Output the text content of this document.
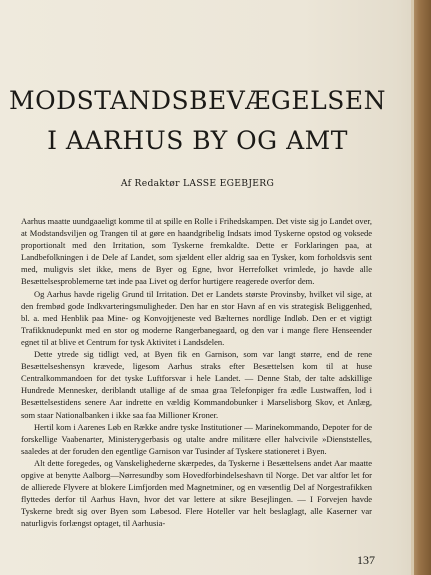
MODSTANDSBEVÆGELSEN
I AARHUS BY OG AMT
Af Redaktør LASSE EGEBJERG

Aarhus maatte uundgaaeligt komme til at spille en Rolle i Frihedskampen. Det viste sig jo Landet over, at Modstandsviljen og Trangen til at gøre en haandgribelig Indsats imod Tyskerne opstod og voksede proportionalt med den Irritation, som Tyskerne fremkaldte. Dette er Forklaringen paa, at Landbefolkningen i de Dele af Landet, som sjældent eller aldrig saa en Tysker, kom forholdsvis sent med, muligvis slet ikke, mens de Byer og Egne, hvor Herrefolket vrimlede, jo havde alle Besættelsesproblemerne tæt inde paa Livet og derfor hurtigere reagerede overfor dem.

Og Aarhus havde rigelig Grund til Irritation. Det er Landets største Provinsby, hvilket vil sige, at den frembød gode Indkvarteringsmuligheder. Den har en stor Havn af en vis strategisk Beliggenhed, bl. a. med Henblik paa Mine- og Konvojtjeneste ved Bælternes nordlige Indløb. Den er et vigtigt Trafikknudepunkt med en stor og moderne Rangerbanegaard, og den var i mange flere Henseender egnet til at blive et Centrum for tysk Aktivitet i Landsdelen.

Dette ytrede sig tidligt ved, at Byen fik en Garnison, som var langt større, end de rene Besættelseshensyn krævede, ligesom Aarhus straks efter Besættelsen kom til at huse Centralkommandoen for det tyske Luftforsvar i hele Landet. — Denne Stab, der talte adskillige Hundrede Mennesker, deriblandt utallige af de smaa graa Telefonpiger fra ædle Lustwaffen, lod i Besættelsestidens senere Aar indrette en vældig Kommandobunker i Marselisborg Skov, et Anlæg, som staar Nationalbanken i ikke saa faa Millioner Kroner.

Hertil kom i Aarenes Løb en Række andre tyske Institutioner — Marinekommando, Depoter for de forskellige Vaabenarter, Ministerygerbasis og utalte andre militære eller halvcivile »Dienststelles, saaledes at der foruden den egentlige Garnison var Tusinder af Tyskere stationeret i Byen.

Alt dette foregedes, og Vanskelighederne skærpedes, da Tyskerne i Besættelsens andet Aar maatte opgive at benytte Aalborg—Nørresundby som Hovedforbindelseshavn til Norge. Det var altfor let for de allierede Flyvere at blokere Limfjorden med Magnetminer, og en væsentlig Del af Norgestrafikken flyttedes derfor til Aarhus Havn, hvor det var lettere at sikre Besejlingen. — I Forvejen havde Tyskerne bredt sig over Byen som Løbesod. Flere Hoteller var helt beslaglagt, alle Kaserner var naturligvis forlængst optaget, til Aarhusia-

137
